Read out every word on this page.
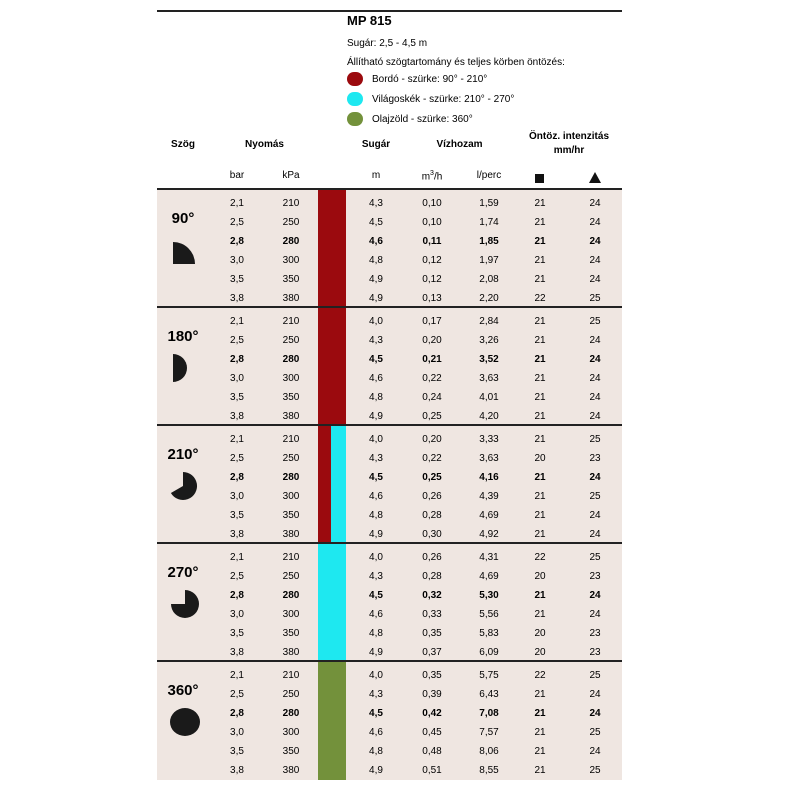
MP 815
Sugár: 2,5 - 4,5 m
Állítható szögtartomány és teljes körben öntözés:
Bordó - szürke: 90° - 210°
Világoskék - szürke: 210° - 270°
Olajzöld - szürke: 360°
Szög	Nyomás	Sugár	Vízhozam
Öntöz. intenzitás mm/hr
bar	kPa	m	$m^3/h$	l/perc
90°
2,1	210	4,3	0,10	1,59	21	24
2,5	250	4,5	0,10	1,74	21	24
2,8	280	4,6	0,11	1,85	21	24
3,0	300	4,8	0,12	1,97	21	24
3,5	350	4,9	0,12	2,08	21	24
3,8	380	4,9	0,13	2,20	22	25
180°
2,1	210	4,0	0,17	2,84	21	25
2,5	250	4,3	0,20	3,26	21	24
2,8	280	4,5	0,21	3,52	21	24
3,0	300	4,6	0,22	3,63	21	24
3,5	350	4,8	0,24	4,01	21	24
3,8	380	4,9	0,25	4,20	21	24
210°
2,1	210	4,0	0,20	3,33	21	25
2,5	250	4,3	0,22	3,63	20	23
2,8	280	4,5	0,25	4,16	21	24
3,0	300	4,6	0,26	4,39	21	25
3,5	350	4,8	0,28	4,69	21	24
3,8	380	4,9	0,30	4,92	21	24
270°
2,1	210	4,0	0,26	4,31	22	25
2,5	250	4,3	0,28	4,69	20	23
2,8	280	4,5	0,32	5,30	21	24
3,0	300	4,6	0,33	5,56	21	24
3,5	350	4,8	0,35	5,83	20	23
3,8	380	4,9	0,37	6,09	20	23
360°
2,1	210	4,0	0,35	5,75	22	25
2,5	250	4,3	0,39	6,43	21	24
2,8	280	4,5	0,42	7,08	21	24
3,0	300	4,6	0,45	7,57	21	25
3,5	350	4,8	0,48	8,06	21	24
3,8	380	4,9	0,51	8,55	21	25
